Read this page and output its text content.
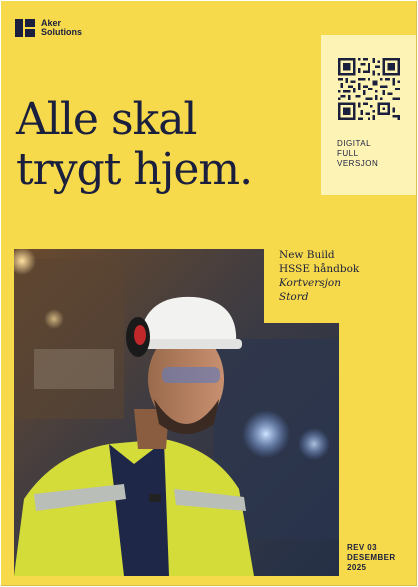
Aker
Solutions
DIGITAL
FULL
VERSJON
Alle skal
trygt hjem.
New Build
HSSE håndbok
Kortversjon
Stord
REV 03
DESEMBER
2025
